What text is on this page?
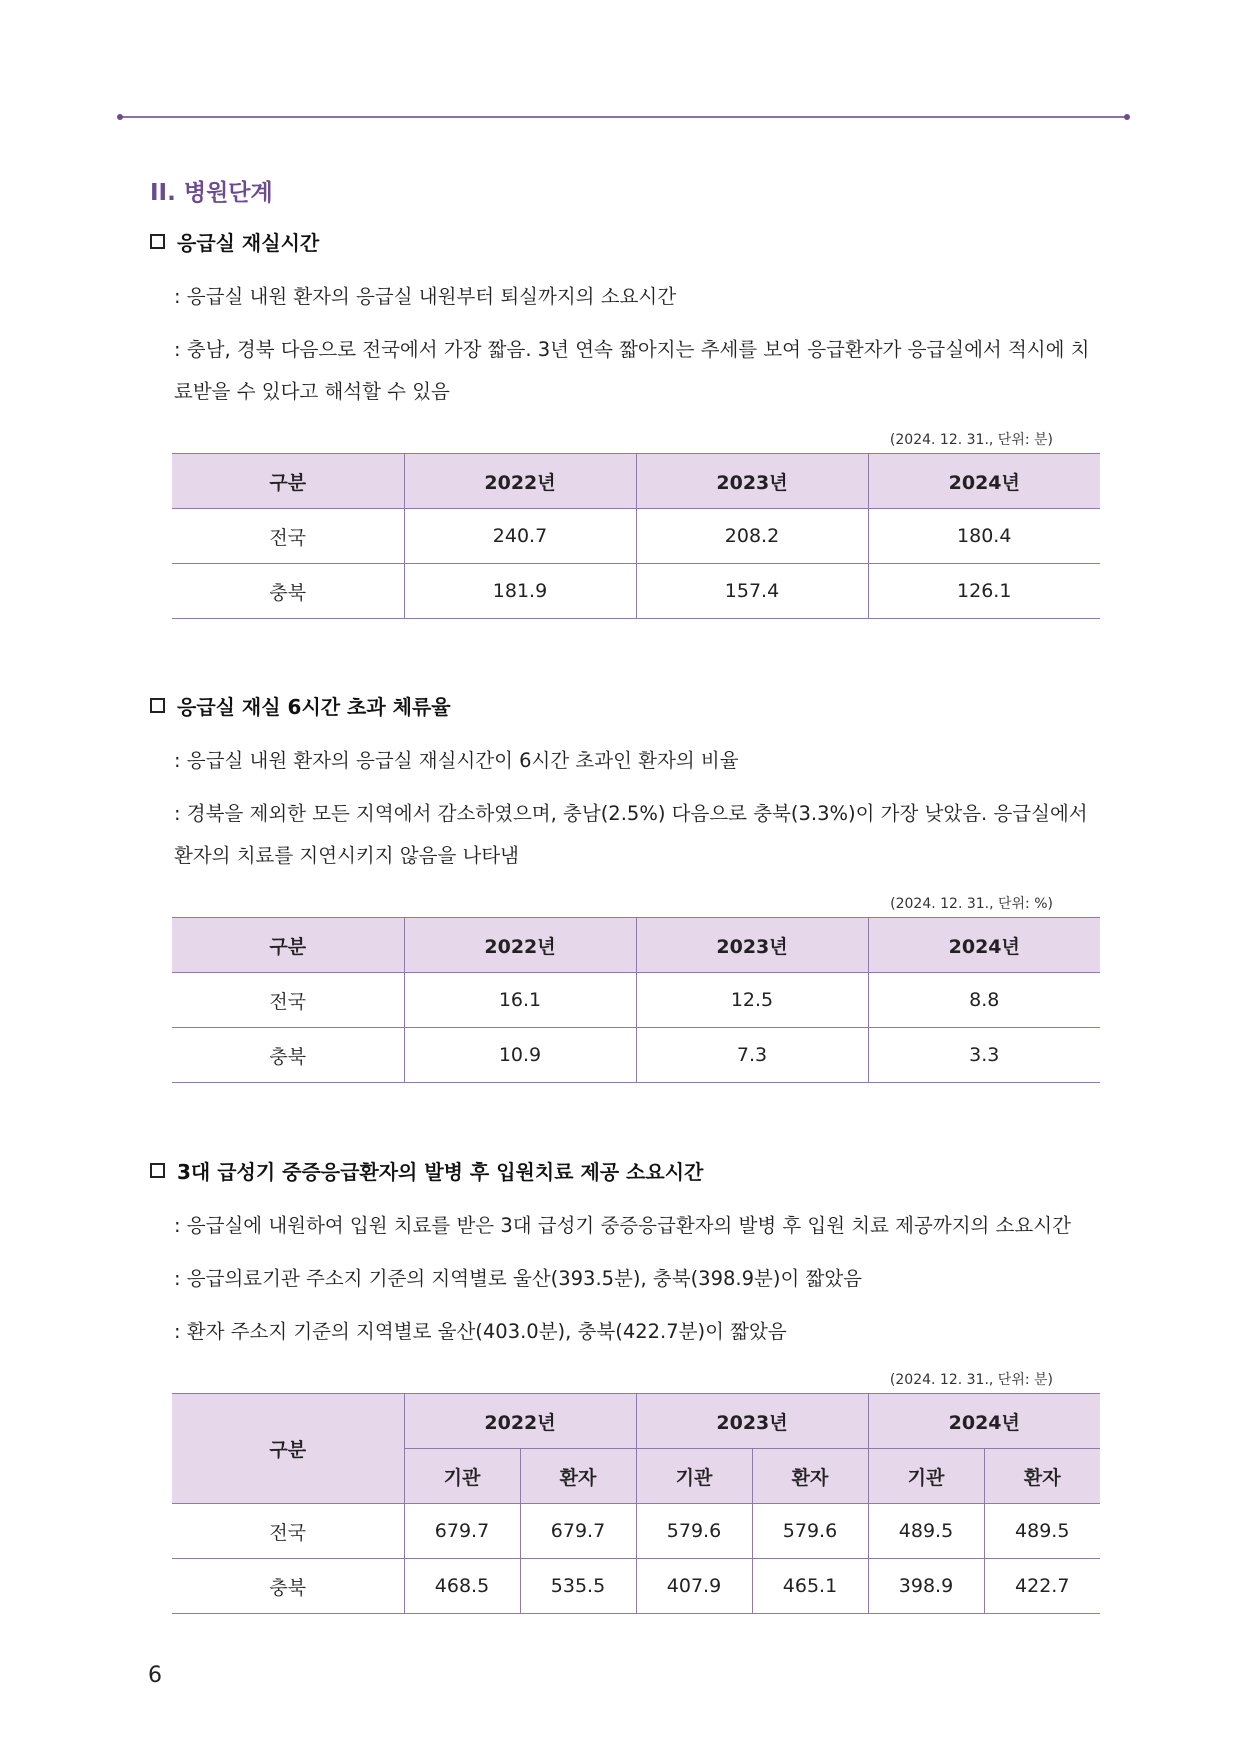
II. 병원단계
응급실 재실시간

: 응급실 내원 환자의 응급실 내원부터 퇴실까지의 소요시간

: 충남, 경북 다음으로 전국에서 가장 짧음. 3년 연속 짧아지는 추세를 보여 응급환자가 응급실에서 적시에 치료받을 수 있다고 해석할 수 있음

(2024. 12. 31., 단위: 분)
구분	2022년	2023년	2024년
전국	240.7	208.2	180.4
충북	181.9	157.4	126.1
응급실 재실 6시간 초과 체류율

: 응급실 내원 환자의 응급실 재실시간이 6시간 초과인 환자의 비율

: 경북을 제외한 모든 지역에서 감소하였으며, 충남(2.5%) 다음으로 충북(3.3%)이 가장 낮았음. 응급실에서 환자의 치료를 지연시키지 않음을 나타냄

(2024. 12. 31., 단위: %)
구분	2022년	2023년	2024년
전국	16.1	12.5	8.8
충북	10.9	7.3	3.3
3대 급성기 중증응급환자의 발병 후 입원치료 제공 소요시간

: 응급실에 내원하여 입원 치료를 받은 3대 급성기 중증응급환자의 발병 후 입원 치료 제공까지의 소요시간

: 응급의료기관 주소지 기준의 지역별로 울산(393.5분), 충북(398.9분)이 짧았음

: 환자 주소지 기준의 지역별로 울산(403.0분), 충북(422.7분)이 짧았음

(2024. 12. 31., 단위: 분)
구분	2022년		2023년		2024년	
	기관	환자	기관	환자	기관	환자
전국	679.7	679.7	579.6	579.6	489.5	489.5
충북	468.5	535.5	407.9	465.1	398.9	422.7
6
